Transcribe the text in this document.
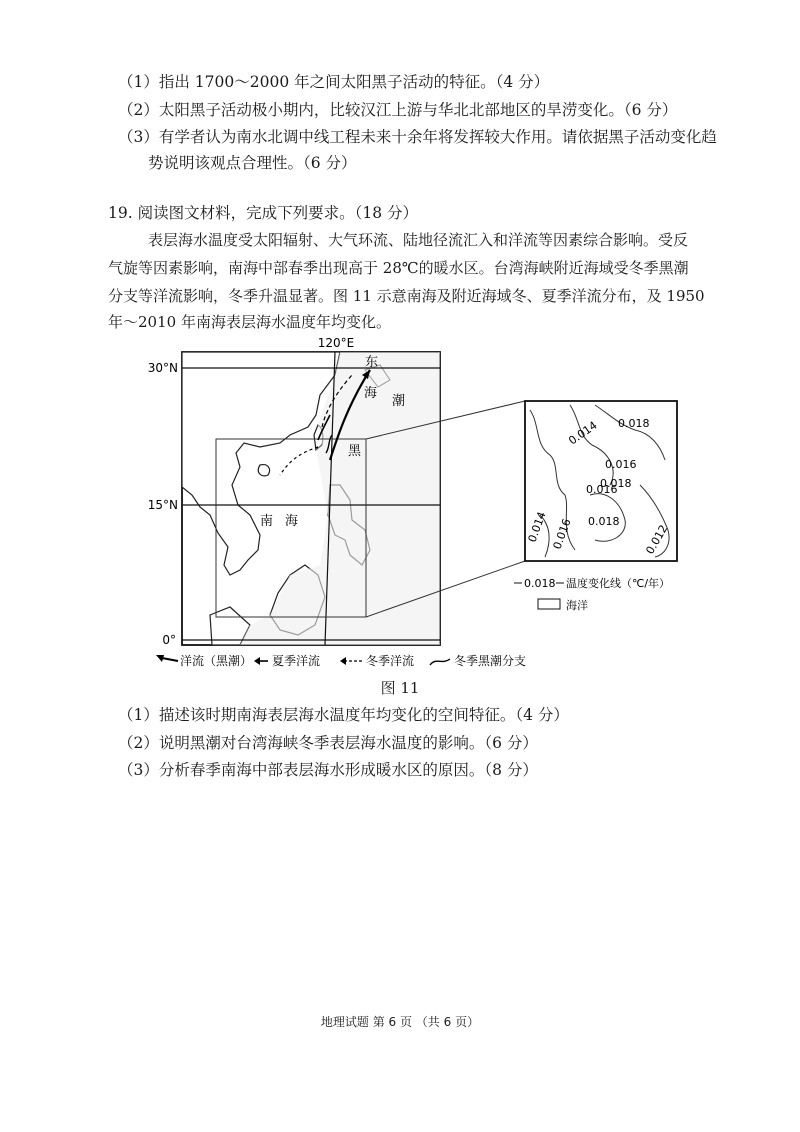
（1）指出 1700～2000 年之间太阳黑子活动的特征。（4 分）
（2）太阳黑子活动极小期内，比较汉江上游与华北北部地区的旱涝变化。（6 分）
（3）有学者认为南水北调中线工程未来十余年将发挥较大作用。请依据黑子活动变化趋
势说明该观点合理性。（6 分）
19. 阅读图文材料，完成下列要求。（18 分）
表层海水温度受太阳辐射、大气环流、陆地径流汇入和洋流等因素综合影响。受反
气旋等因素影响，南海中部春季出现高于 28℃的暖水区。台湾海峡附近海域受冬季黑潮
分支等洋流影响，冬季升温显著。图 11 示意南海及附近海域冬、夏季洋流分布，及 1950
年～2010 年南海表层海水温度年均变化。
120°E
30°N
15°N
0°
东
海
潮
黑
南 海
0.018
0.014
0.018
0.016
0.016
0.014 0.016 0.018
0.012
0.018 温度变化线（℃/年）
海洋
洋流（黑潮） 夏季洋流	冬季洋流	冬季黑潮分支
图 11
（1）描述该时期南海表层海水温度年均变化的空间特征。（4 分）
（2）说明黑潮对台湾海峡冬季表层海水温度的影响。（6 分）
（3）分析春季南海中部表层海水形成暖水区的原因。（8 分）
地理试题 第 6 页 （共 6 页）
